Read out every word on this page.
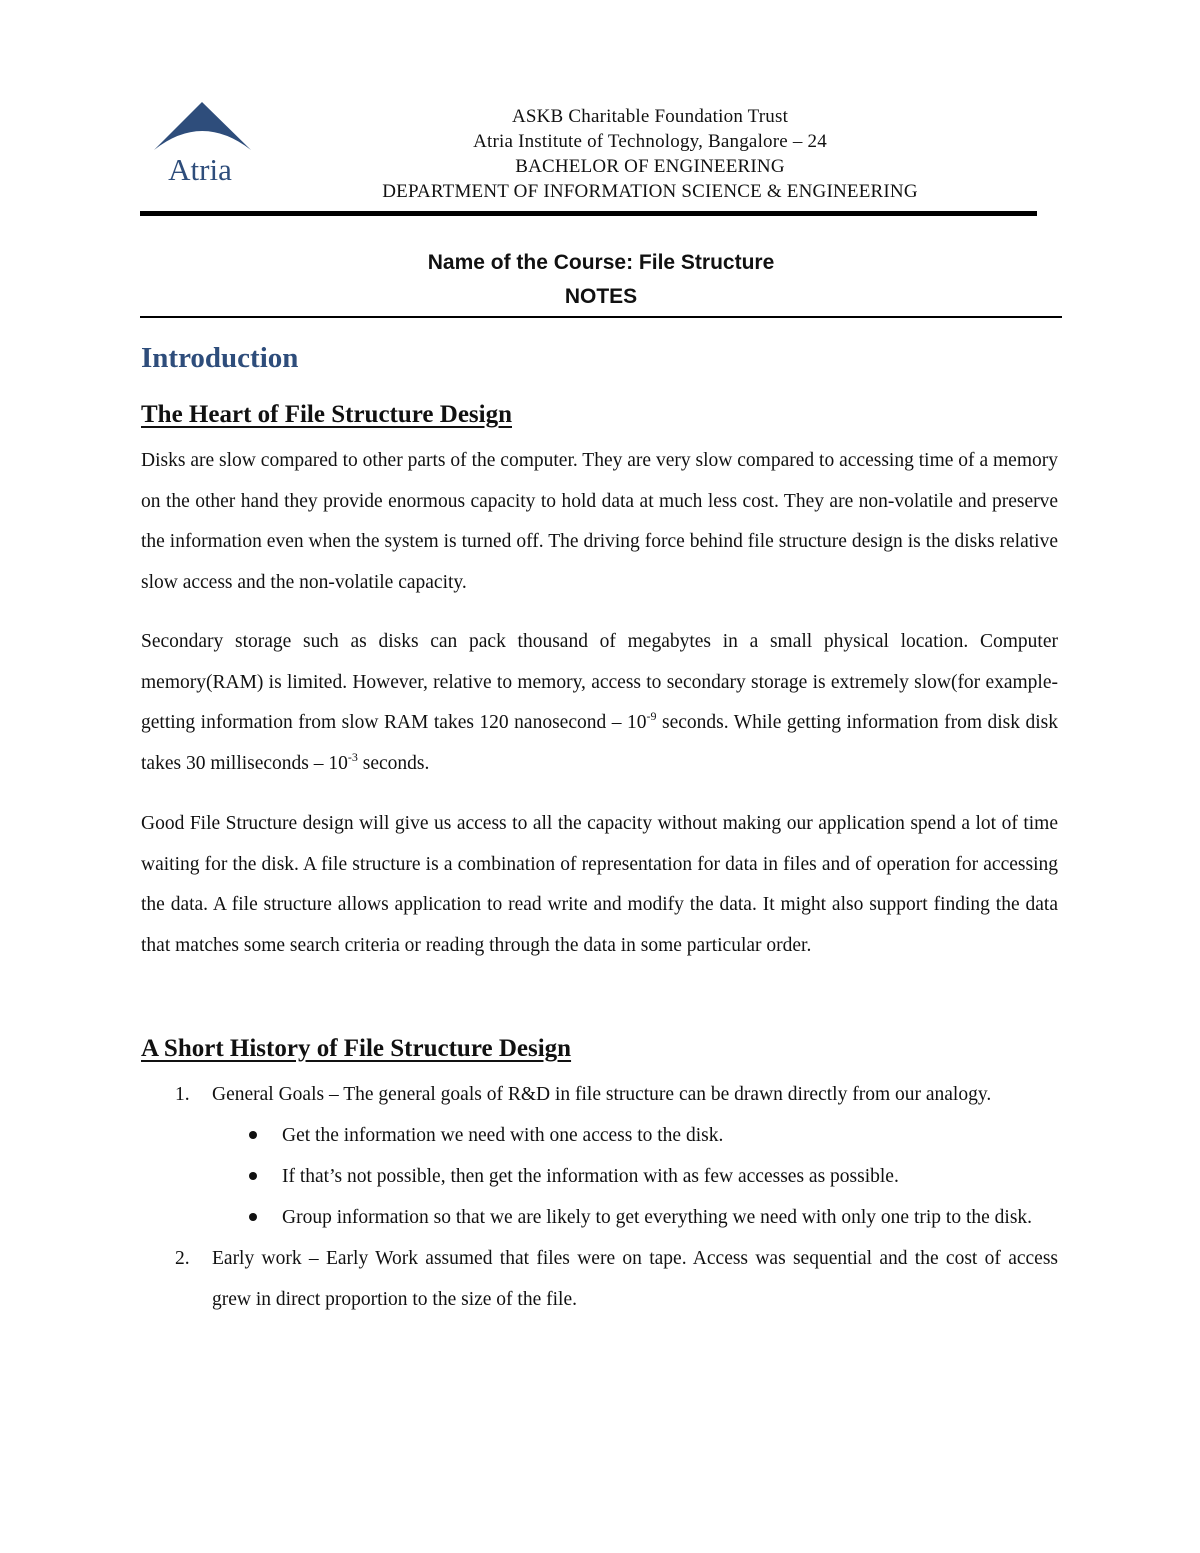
Atria
ASKB Charitable Foundation Trust
Atria Institute of Technology, Bangalore – 24
BACHELOR OF ENGINEERING
DEPARTMENT OF INFORMATION SCIENCE & ENGINEERING
Name of the Course: File Structure
NOTES
Introduction
The Heart of File Structure Design

Disks are slow compared to other parts of the computer. They are very slow compared to accessing time of a memory on the other hand they provide enormous capacity to hold data at much less cost. They are non-volatile and preserve the information even when the system is turned off. The driving force behind file structure design is the disks relative slow access and the non-volatile capacity.

Secondary storage such as disks can pack thousand of megabytes in a small physical location. Computer memory(RAM) is limited. However, relative to memory, access to secondary storage is extremely slow(for example- getting information from slow RAM takes 120 nanosecond – $10^{-9}$ seconds. While getting information from disk disk takes 30 milliseconds – $10^{-3}$ seconds.

Good File Structure design will give us access to all the capacity without making our application spend a lot of time waiting for the disk. A file structure is a combination of representation for data in files and of operation for accessing the data. A file structure allows application to read write and modify the data. It might also support finding the data that matches some search criteria or reading through the data in some particular order.

A Short History of File Structure Design
1. General Goals – The general goals of R&D in file structure can be drawn directly from our analogy.
Get the information we need with one access to the disk.
If that’s not possible, then get the information with as few accesses as possible.
Group information so that we are likely to get everything we need with only one trip to the disk.
2. Early work – Early Work assumed that files were on tape. Access was sequential and the cost of access grew in direct proportion to the size of the file.
